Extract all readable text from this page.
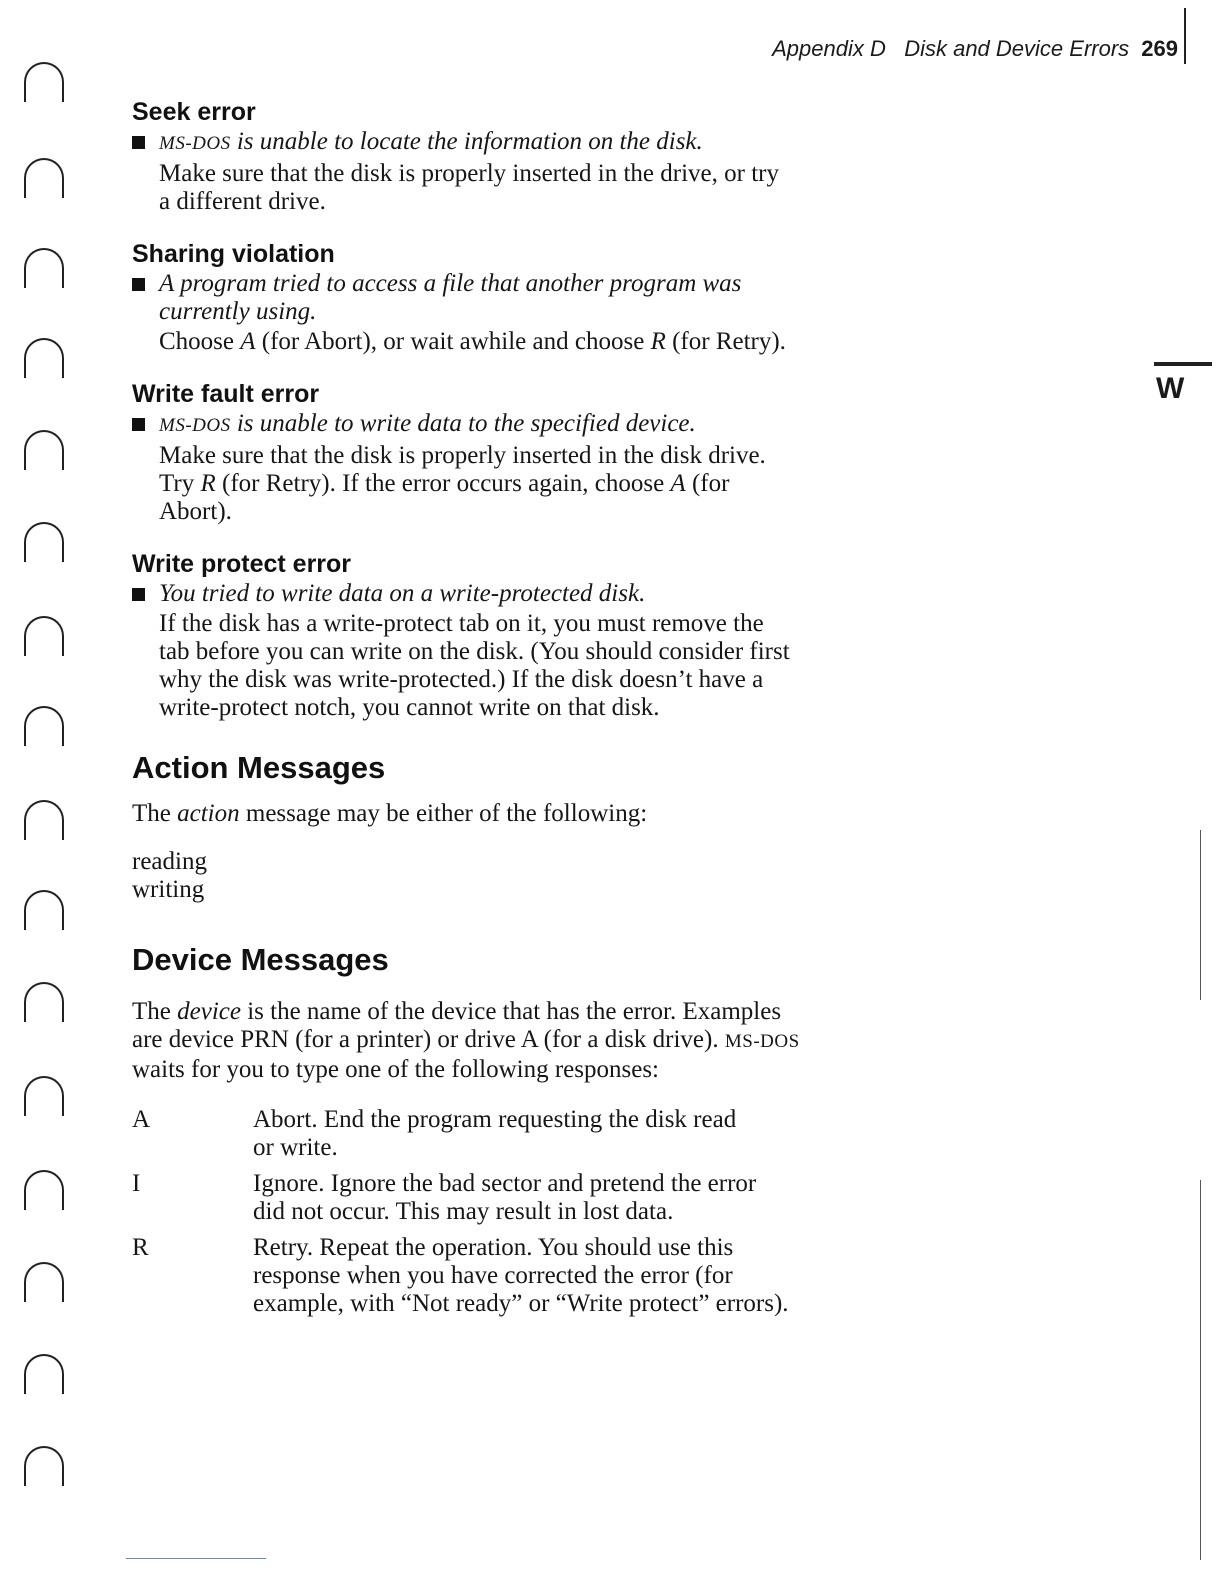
Appendix D Disk and Device Errors 269
W
Seek error
MS-DOS is unable to locate the information on the disk.
Make sure that the disk is properly inserted in the drive, or try
a different drive.
Sharing violation
A program tried to access a file that another program was
currently using.
Choose A (for Abort), or wait awhile and choose R (for Retry).
Write fault error
MS-DOS is unable to write data to the specified device.
Make sure that the disk is properly inserted in the disk drive.
Try R (for Retry). If the error occurs again, choose A (for
Abort).
Write protect error
You tried to write data on a write-protected disk.
If the disk has a write-protect tab on it, you must remove the
tab before you can write on the disk. (You should consider first
why the disk was write-protected.) If the disk doesn’t have a
write-protect notch, you cannot write on that disk.
Action Messages

The action message may be either of the following:

reading

writing

Device Messages
The device is the name of the device that has the error. Examples
are device PRN (for a printer) or drive A (for a disk drive). MS-DOS
waits for you to type one of the following responses:
A	Abort. End the program requesting the disk read
or write.
I	Ignore. Ignore the bad sector and pretend the error
did not occur. This may result in lost data.
R	Retry. Repeat the operation. You should use this
response when you have corrected the error (for
example, with “Not ready” or “Write protect” errors).
